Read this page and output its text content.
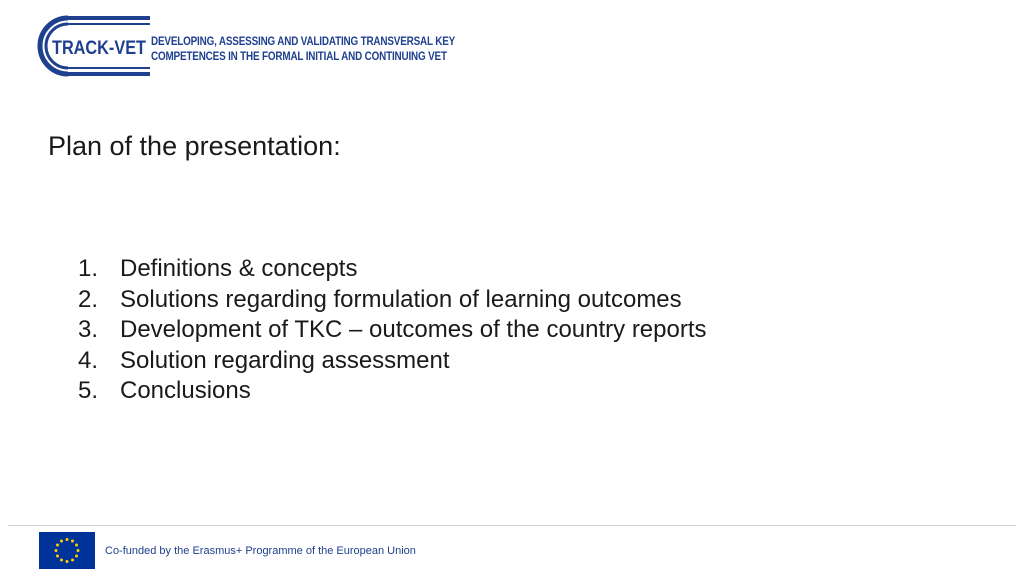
TRACK-VET DEVELOPING, ASSESSING AND VALIDATING TRANSVERSAL KEY
COMPETENCES IN THE FORMAL INITIAL AND CONTINUING VET
Plan of the presentation:
1. Definitions & concepts
2. Solutions regarding formulation of learning outcomes
3. Development of TKC – outcomes of the country reports
4. Solution regarding assessment
5. Conclusions
Co-funded by the Erasmus+ Programme of the European Union
